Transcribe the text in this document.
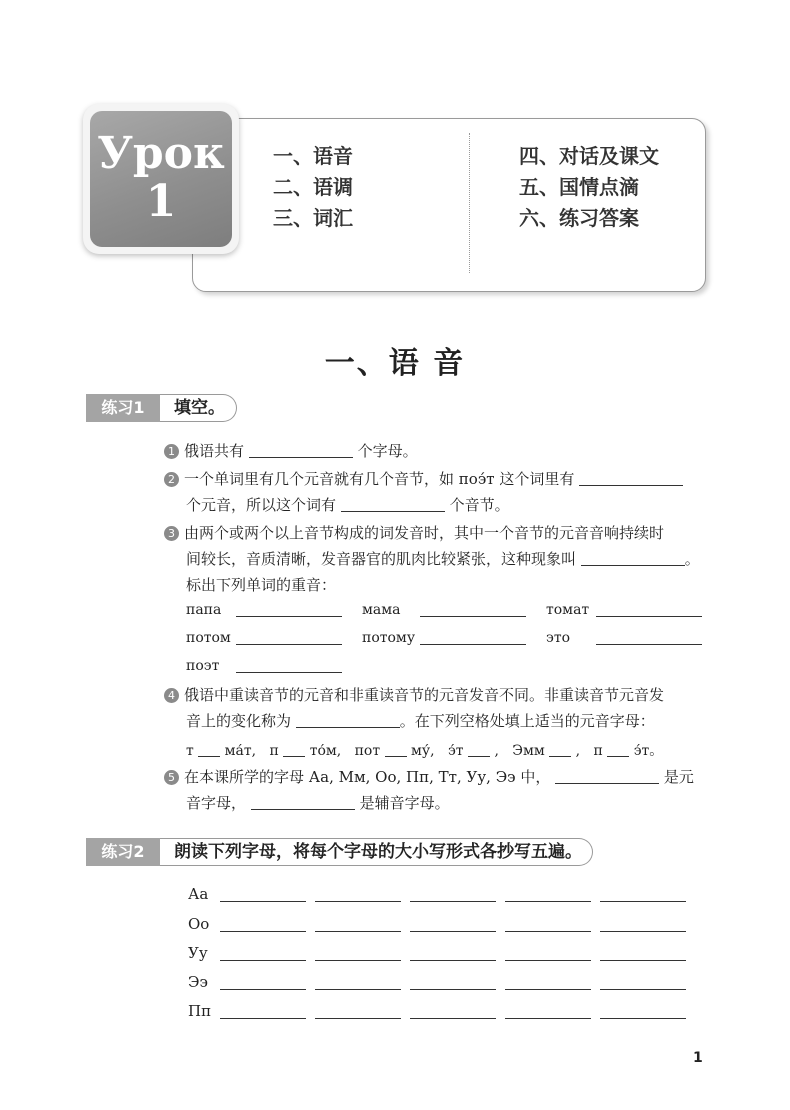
一、语音
二、语调
三、词汇
四、对话及课文
五、国情点滴
六、练习答案
Урок
1
一、语 音
练习1	填空。
1 俄语共有	个字母。
2 一个单词里有几个元音就有几个音节，如 поэ́т 这个词里有
个元音，所以这个词有	个音节。
3 由两个或两个以上音节构成的词发音时，其中一个音节的元音音响持续时
间较长，音质清晰，发音器官的肌肉比较紧张，这种现象叫	。
标出下列单词的重音：
папа	мама	томат
потом	потому	это
поэт
4 俄语中重读音节的元音和非重读音节的元音发音不同。非重读音节元音发
音上的变化称为	。在下列空格处填上适当的元音字母：
т ма́т, п то́м, пот му́, э́т , Эмм , п э́т。
5 在本课所学的字母 Аа, Мм, Оо, Пп, Тт, Уу, Ээ 中，	是元
音字母，	是辅音字母。
练习2	朗读下列字母，将每个字母的大小写形式各抄写五遍。
Аа
Оо
Уу
Ээ
Пп
1
